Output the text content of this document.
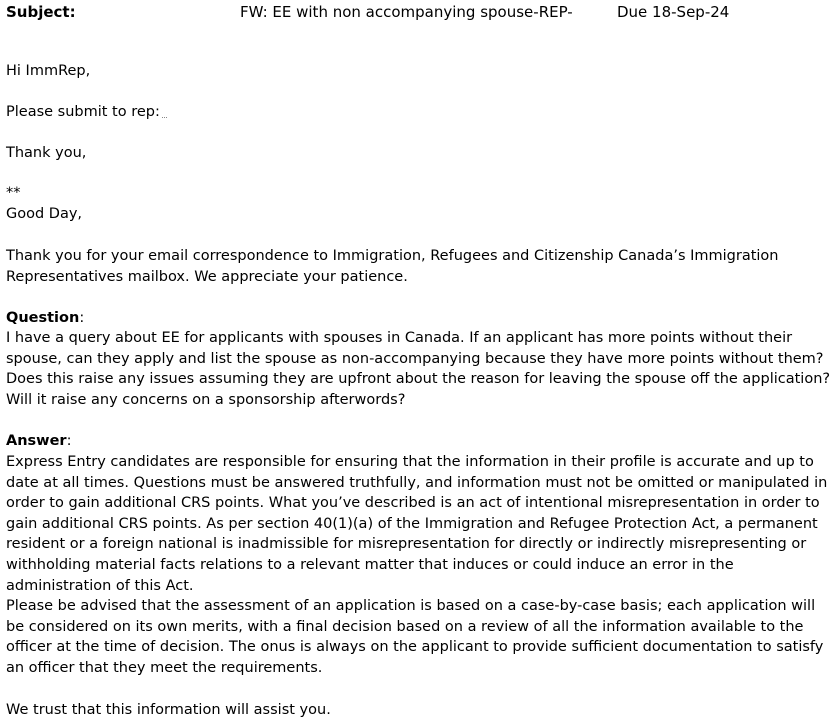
Subject:	FW: EE with non accompanying spouse-REP-	Due 18-Sep-24

Hi ImmRep,

Please submit to rep:

Thank you,

**

Good Day,

Thank you for your email correspondence to Immigration, Refugees and Citizenship Canada’s Immigration Representatives mailbox. We appreciate your patience.

Question:

I have a query about EE for applicants with spouses in Canada. If an applicant has more points without their spouse, can they apply and list the spouse as non-accompanying because they have more points without them? Does this raise any issues assuming they are upfront about the reason for leaving the spouse off the application? Will it raise any concerns on a sponsorship afterwords?

Answer:

Express Entry candidates are responsible for ensuring that the information in their profile is accurate and up to date at all times. Questions must be answered truthfully, and information must not be omitted or manipulated in order to gain additional CRS points. What you’ve described is an act of intentional misrepresentation in order to gain additional CRS points. As per section 40(1)(a) of the Immigration and Refugee Protection Act, a permanent resident or a foreign national is inadmissible for misrepresentation for directly or indirectly misrepresenting or withholding material facts relations to a relevant matter that induces or could induce an error in the administration of this Act.

Please be advised that the assessment of an application is based on a case-by-case basis; each application will be considered on its own merits, with a final decision based on a review of all the information available to the officer at the time of decision. The onus is always on the applicant to provide sufficient documentation to satisfy an officer that they meet the requirements.

We trust that this information will assist you.
